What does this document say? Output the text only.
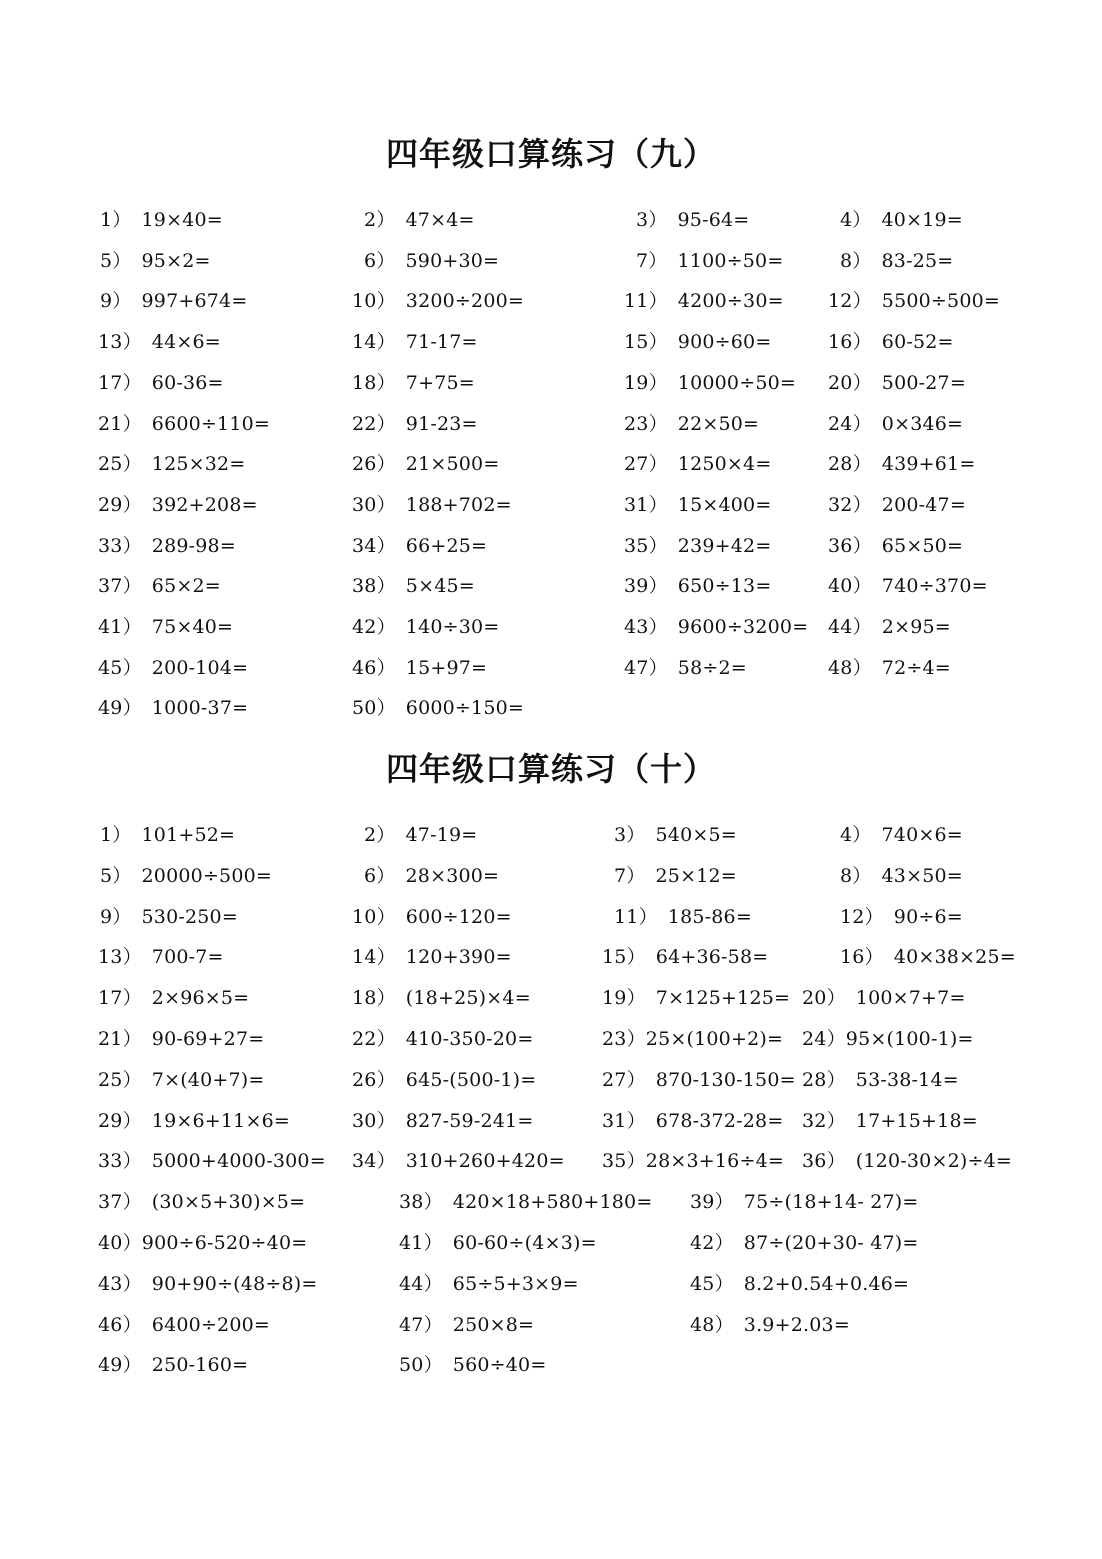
四年级口算练习（九）
1） 19×40=	2） 47×4=	3） 95-64=	4） 40×19=
5） 95×2=	6） 590+30=	7） 1100÷50=	8） 83-25=
9） 997+674=	10） 3200÷200=	11） 4200÷30= 12） 5500÷500=
13） 44×6=	14） 71-17=	15） 900÷60=	16） 60-52=
17） 60-36=	18） 7+75=	19） 10000÷50= 20） 500-27=
21） 6600÷110=	22） 91-23=	23） 22×50=	24） 0×346=
25） 125×32=	26） 21×500=	27） 1250×4=	28） 439+61=
29） 392+208=	30） 188+702=	31） 15×400=	32） 200-47=
33） 289-98=	34） 66+25=	35） 239+42=	36） 65×50=
37） 65×2=	38） 5×45=	39） 650÷13=	40） 740÷370=
41） 75×40=	42） 140÷30=	43） 9600÷3200= 44） 2×95=
45） 200-104=	46） 15+97=	47） 58÷2=	48） 72÷4=
49） 1000-37=	50） 6000÷150=
四年级口算练习（十）
1） 101+52=	2） 47-19=	3） 540×5=	4） 740×6=
5） 20000÷500=	6） 28×300=	7） 25×12=	8） 43×50=
9） 530-250=	10） 600÷120=	11） 185-86=	12） 90÷6=
13） 700-7=	14） 120+390=	15） 64+36-58=	16） 40×38×25=
17） 2×96×5=	18） (18+25)×4=	19） 7×125+125= 20） 100×7+7=
21） 90-69+27=	22） 410-350-20=	23）25×(100+2)= 24）95×(100-1)=
25） 7×(40+7)=	26） 645-(500-1)=	27） 870-130-150= 28） 53-38-14=
29） 19×6+11×6=	30） 827-59-241=	31） 678-372-28= 32） 17+15+18=
33） 5000+4000-300= 34） 310+260+420= 35）28×3+16÷4= 36） (120-30×2)÷4=
37） (30×5+30)×5=	38） 420×18+580+180= 39） 75÷(18+14- 27)=
40）900÷6-520÷40=	41） 60-60÷(4×3)=	42） 87÷(20+30- 47)=
43） 90+90÷(48÷8)=	44） 65÷5+3×9=	45） 8.2+0.54+0.46=
46） 6400÷200=	47） 250×8=	48） 3.9+2.03=
49） 250-160=	50） 560÷40=
